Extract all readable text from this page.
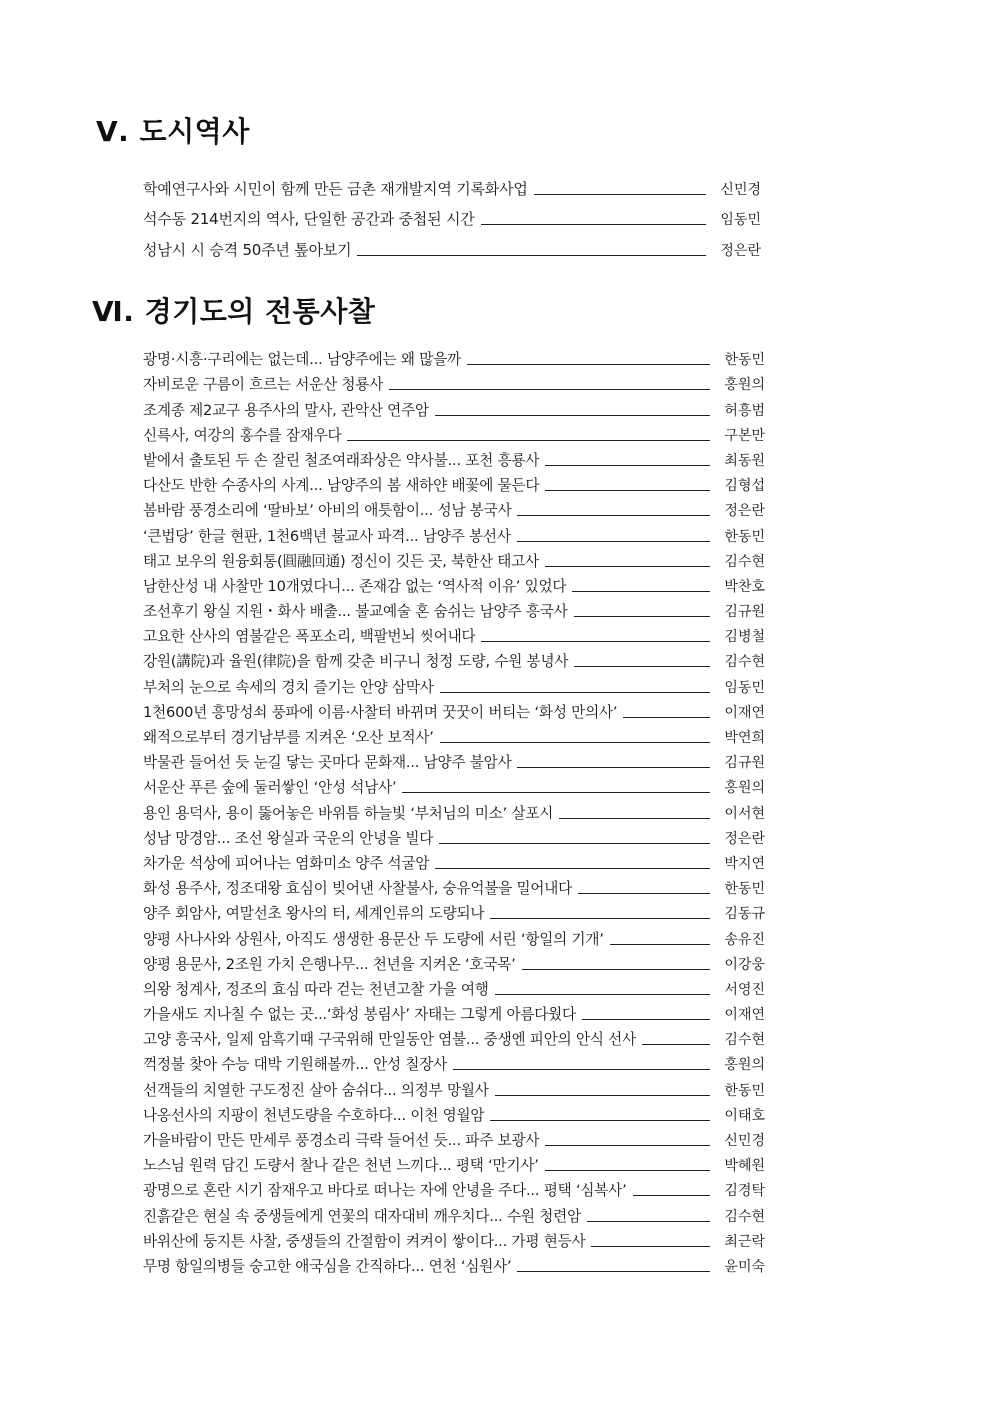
Ⅴ. 도시역사
학예연구사와 시민이 함께 만든 금촌 재개발지역 기록화사업	신민경
석수동 214번지의 역사, 단일한 공간과 중첩된 시간	임동민
성남시 시 승격 50주년 톺아보기	정은란
Ⅵ. 경기도의 전통사찰
광명·시흥·구리에는 없는데... 남양주에는 왜 많을까	한동민
자비로운 구름이 흐르는 서운산 청룡사	홍원의
조계종 제2교구 용주사의 말사, 관악산 연주암	허흥범
신륵사, 여강의 홍수를 잠재우다	구본만
밭에서 출토된 두 손 잘린 철조여래좌상은 약사불... 포천 흥룡사	최동원
다산도 반한 수종사의 사계... 남양주의 봄 새하얀 배꽃에 물든다	김형섭
봄바람 풍경소리에 ‘딸바보’ 아비의 애틋함이... 성남 봉국사	정은란
‘큰법당’ 한글 현판, 1천6백년 불교사 파격... 남양주 봉선사	한동민
태고 보우의 원융회통(圓融回通) 정신이 깃든 곳, 북한산 태고사	김수현
남한산성 내 사찰만 10개였다니... 존재감 없는 ‘역사적 이유’ 있었다	박찬호
조선후기 왕실 지원・화사 배출... 불교예술 혼 숨쉬는 남양주 흥국사	김규원
고요한 산사의 염불같은 폭포소리, 백팔번뇌 씻어내다	김병철
강원(講院)과 율원(律院)을 함께 갖춘 비구니 청정 도량, 수원 봉녕사	김수현
부처의 눈으로 속세의 경치 즐기는 안양 삼막사	임동민
1천600년 흥망성쇠 풍파에 이름·사찰터 바뀌며 꿋꿋이 버티는 ‘화성 만의사’	이재연
왜적으로부터 경기남부를 지켜온 ‘오산 보적사’	박연희
박물관 들어선 듯 눈길 닿는 곳마다 문화재... 남양주 불암사	김규원
서운산 푸른 숲에 둘러쌓인 ‘안성 석남사’	홍원의
용인 용덕사, 용이 뚫어놓은 바위틈 하늘빛 ‘부처님의 미소’ 살포시	이서현
성남 망경암... 조선 왕실과 국운의 안녕을 빌다	정은란
차가운 석상에 피어나는 염화미소 양주 석굴암	박지연
화성 용주사, 정조대왕 효심이 빚어낸 사찰불사, 숭유억불을 밀어내다	한동민
양주 회암사, 여말선초 왕사의 터, 세계인류의 도량되나	김동규
양평 사나사와 상원사, 아직도 생생한 용문산 두 도량에 서린 ‘항일의 기개’	송유진
양평 용문사, 2조원 가치 은행나무... 천년을 지켜온 ‘호국목’	이강웅
의왕 청계사, 정조의 효심 따라 걷는 천년고찰 가을 여행	서영진
가을새도 지나칠 수 없는 곳...‘화성 봉림사’ 자태는 그렇게 아름다웠다	이재연
고양 흥국사, 일제 암흑기때 구국위해 만일동안 염불... 중생엔 피안의 안식 선사	김수현
꺽정불 찾아 수능 대박 기원해볼까... 안성 칠장사	홍원의
선객들의 치열한 구도정진 살아 숨쉬다... 의정부 망월사	한동민
나옹선사의 지팡이 천년도량을 수호하다... 이천 영월암	이태호
가을바람이 만든 만세루 풍경소리 극락 들어선 듯... 파주 보광사	신민경
노스님 원력 담긴 도량서 찰나 같은 천년 느끼다... 평택 ‘만기사’	박혜원
광명으로 혼란 시기 잠재우고 바다로 떠나는 자에 안녕을 주다... 평택 ‘심복사’	김경탁
진흙같은 현실 속 중생들에게 연꽃의 대자대비 깨우치다... 수원 청련암	김수현
바위산에 둥지튼 사찰, 중생들의 간절함이 켜켜이 쌓이다... 가평 현등사	최근락
무명 항일의병들 숭고한 애국심을 간직하다... 연천 ‘심원사’	윤미숙
